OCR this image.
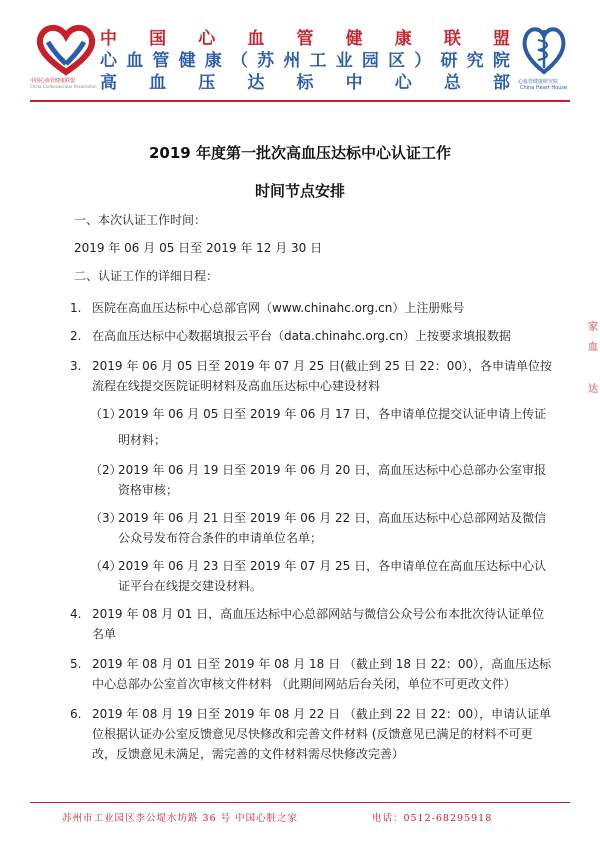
中国心血管健康联盟
China Cardiovascular Association
中 国 心 血 管 健 康 联 盟
心 血 管 健 康 （ 苏 州 工 业 园 区 ） 研 究 院
高 血 压 达 标 中 心 总 部 心血管健康研究院
China Heart House
2019 年度第一批次高血压达标中心认证工作
时间节点安排
一、本次认证工作时间：
2019 年 06 月 05 日至 2019 年 12 月 30 日
二、认证工作的详细日程：
1. 医院在高血压达标中心总部官网（www.chinahc.org.cn）上注册账号
2. 在高血压达标中心数据填报云平台（data.chinahc.org.cn）上按要求填报数据
3. 2019 年 06 月 05 日至 2019 年 07 月 25 日(截止到 25 日 22：00），各申请单位按
流程在线提交医院证明材料及高血压达标中心建设材料
（1）
2019 年 06 月 05 日至 2019 年 06 月 17 日，各申请单位提交认证申请上传证
明材料；
（2）
2019 年 06 月 19 日至 2019 年 06 月 20 日，高血压达标中心总部办公室审报
资格审核；
（3）
2019 年 06 月 21 日至 2019 年 06 月 22 日，高血压达标中心总部网站及微信
公众号发布符合条件的申请单位名单；
（4）
2019 年 06 月 23 日至 2019 年 07 月 25 日，各申请单位在高血压达标中心认
证平台在线提交建设材料。
4. 2019 年 08 月 01 日，高血压达标中心总部网站与微信公众号公布本批次待认证单位
名单
5. 2019 年 08 月 01 日至 2019 年 08 月 18 日 （截止到 18 日 22：00），高血压达标
中心总部办公室首次审核文件材料 （此期间网站后台关闭，单位不可更改文件）
6. 2019 年 08 月 19 日至 2019 年 08 月 22 日 （截止到 22 日 22：00），申请认证单
位根据认证办公室反馈意见尽快修改和完善文件材料 (反馈意见已满足的材料不可更
改，反馈意见未满足，需完善的文件材料需尽快修改完善）
家
血
达
苏州市工业园区李公堤水坊路 36 号 中国心脏之家	电话：0512-68295918
